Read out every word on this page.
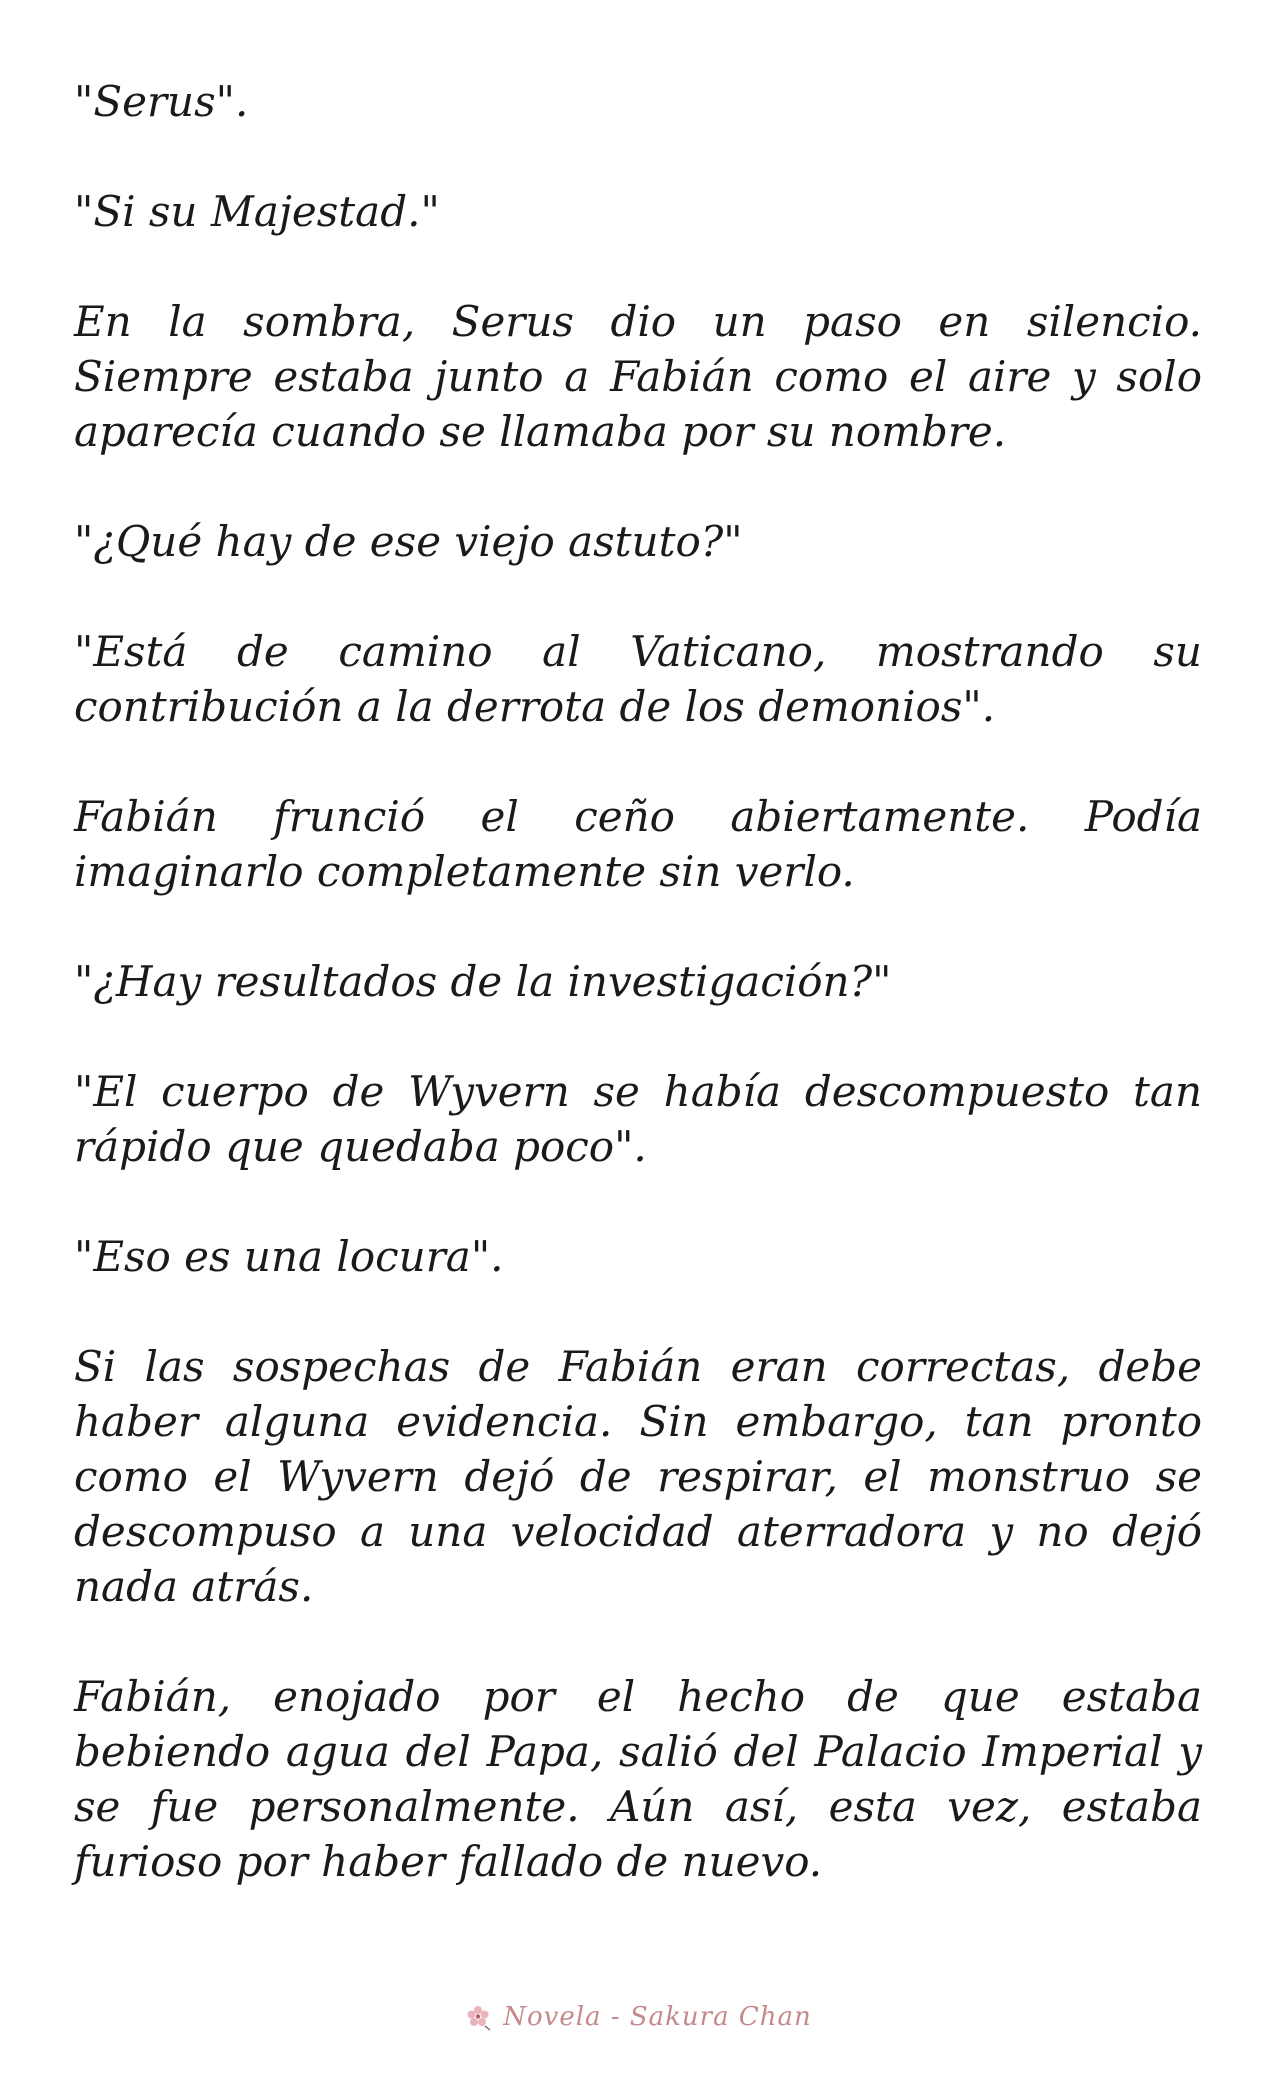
"Serus".

"Si su Majestad."

En la sombra, Serus dio un paso en silencio. Siempre estaba junto a Fabián como el aire y solo aparecía cuando se llamaba por su nombre.

"¿Qué hay de ese viejo astuto?"

"Está de camino al Vaticano, mostrando su contribución a la derrota de los demonios".

Fabián frunció el ceño abiertamente. Podía imaginarlo completamente sin verlo.

"¿Hay resultados de la investigación?"

"El cuerpo de Wyvern se había descompuesto tan rápido que quedaba poco".

"Eso es una locura".

Si las sospechas de Fabián eran correctas, debe haber alguna evidencia. Sin embargo, tan pronto como el Wyvern dejó de respirar, el monstruo se descompuso a una velocidad aterradora y no dejó nada atrás.

Fabián, enojado por el hecho de que estaba bebiendo agua del Papa, salió del Palacio Imperial y se fue personalmente. Aún así, esta vez, estaba furioso por haber fallado de nuevo.

Novela - Sakura Chan
